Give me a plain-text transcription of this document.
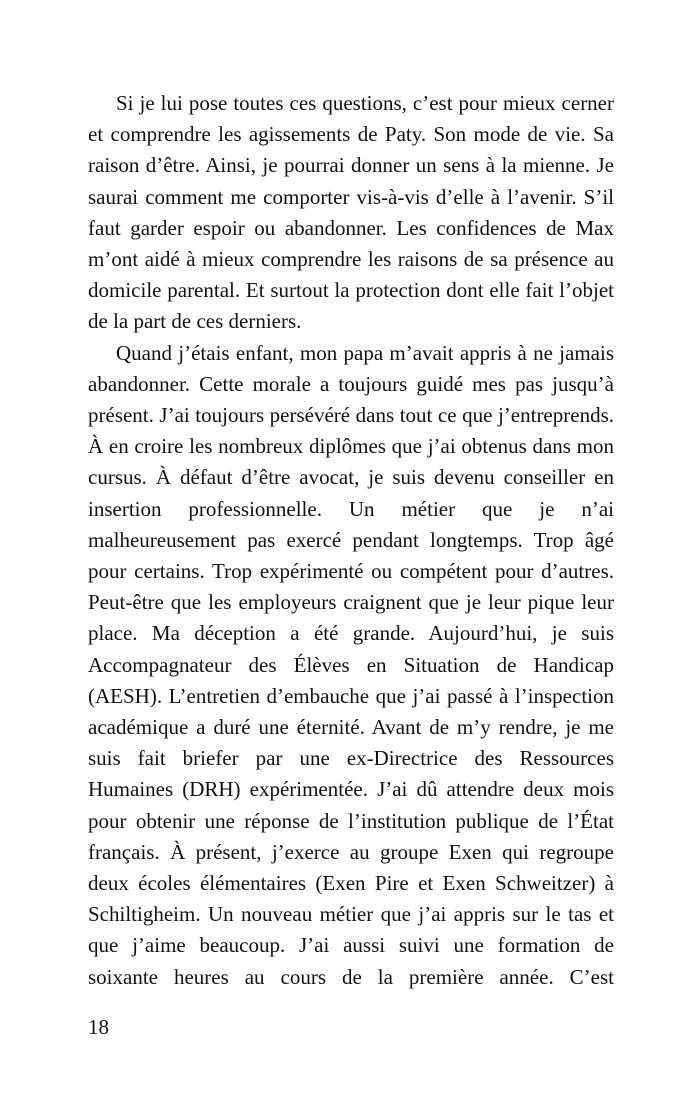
Si je lui pose toutes ces questions, c’est pour mieux cerner et comprendre les agissements de Paty. Son mode de vie. Sa raison d’être. Ainsi, je pourrai donner un sens à la mienne. Je saurai comment me comporter vis-à-vis d’elle à l’avenir. S’il faut garder espoir ou abandonner. Les confidences de Max m’ont aidé à mieux comprendre les raisons de sa présence au domicile parental. Et surtout la protection dont elle fait l’objet de la part de ces derniers.

Quand j’étais enfant, mon papa m’avait appris à ne jamais abandonner. Cette morale a toujours guidé mes pas jusqu’à présent. J’ai toujours persévéré dans tout ce que j’entreprends. À en croire les nombreux diplômes que j’ai obtenus dans mon cursus. À défaut d’être avocat, je suis devenu conseiller en insertion professionnelle. Un métier que je n’ai malheureusement pas exercé pendant longtemps. Trop âgé pour certains. Trop expérimenté ou compétent pour d’autres. Peut-être que les employeurs craignent que je leur pique leur place. Ma déception a été grande. Aujourd’hui, je suis Accompagnateur des Élèves en Situation de Handicap (AESH). L’entretien d’embauche que j’ai passé à l’inspection académique a duré une éternité. Avant de m’y rendre, je me suis fait briefer par une ex-Directrice des Ressources Humaines (DRH) expérimentée. J’ai dû attendre deux mois pour obtenir une réponse de l’institution publique de l’État français. À présent, j’exerce au groupe Exen qui regroupe deux écoles élémentaires (Exen Pire et Exen Schweitzer) à Schiltigheim. Un nouveau métier que j’ai appris sur le tas et que j’aime beaucoup. J’ai aussi suivi une formation de soixante heures au cours de la première année. C’est

18
